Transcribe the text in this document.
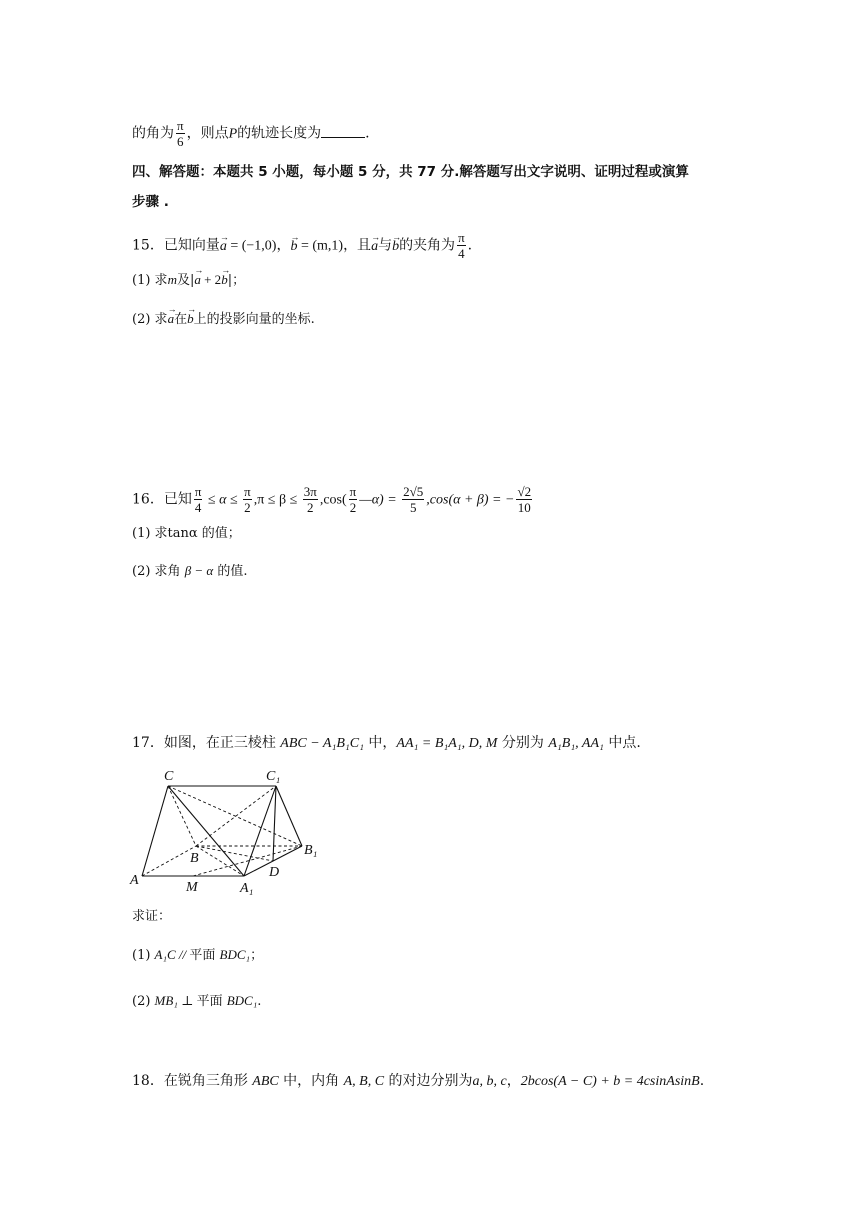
的角为 $\frac{\pi}{6}$ ，则点P的轨迹长度为	.
四、解答题：本题共 5 小题，每小题 5 分，共 77 分.解答题写出文字说明、证明过程或演算
步骤 .
15．已知向量→ a = (−1,0)，→ b = (m,1)，且→ a与→ b的夹角为 $\frac{\pi}{4}$ .
(1) 求m及|→ a + 2→ b|；
(2) 求→ a在→ b上的投影向量的坐标.
16．已知 $\frac{\pi}{4} \le \alpha \le \frac{\pi}{2} ,\pi \le \beta \le \frac{3\pi}{2} ,\cos( \frac{\pi}{2}$ —α) = $\frac{2√5}{5} ,\cos(\alpha + \beta)$ = − $\frac{√2}{10}$
(1) 求tanα 的值；
(2) 求角 β − α 的值.
17．如图，在正三棱柱 ABC − A₁B₁C₁ 中，AA₁ = B₁A₁, D, M 分别为 A₁B₁, AA₁ 中点.
C	C₁
B
B₁
A	M	A₁
D
求证：
(1) A₁C // 平面 BDC₁；
(2) MB₁ ⊥ 平面 BDC₁.
18．在锐角三角形 ABC 中，内角 A, B, C 的对边分别为a, b, c，2bcos(A − C) + b = 4csinAsinB.
